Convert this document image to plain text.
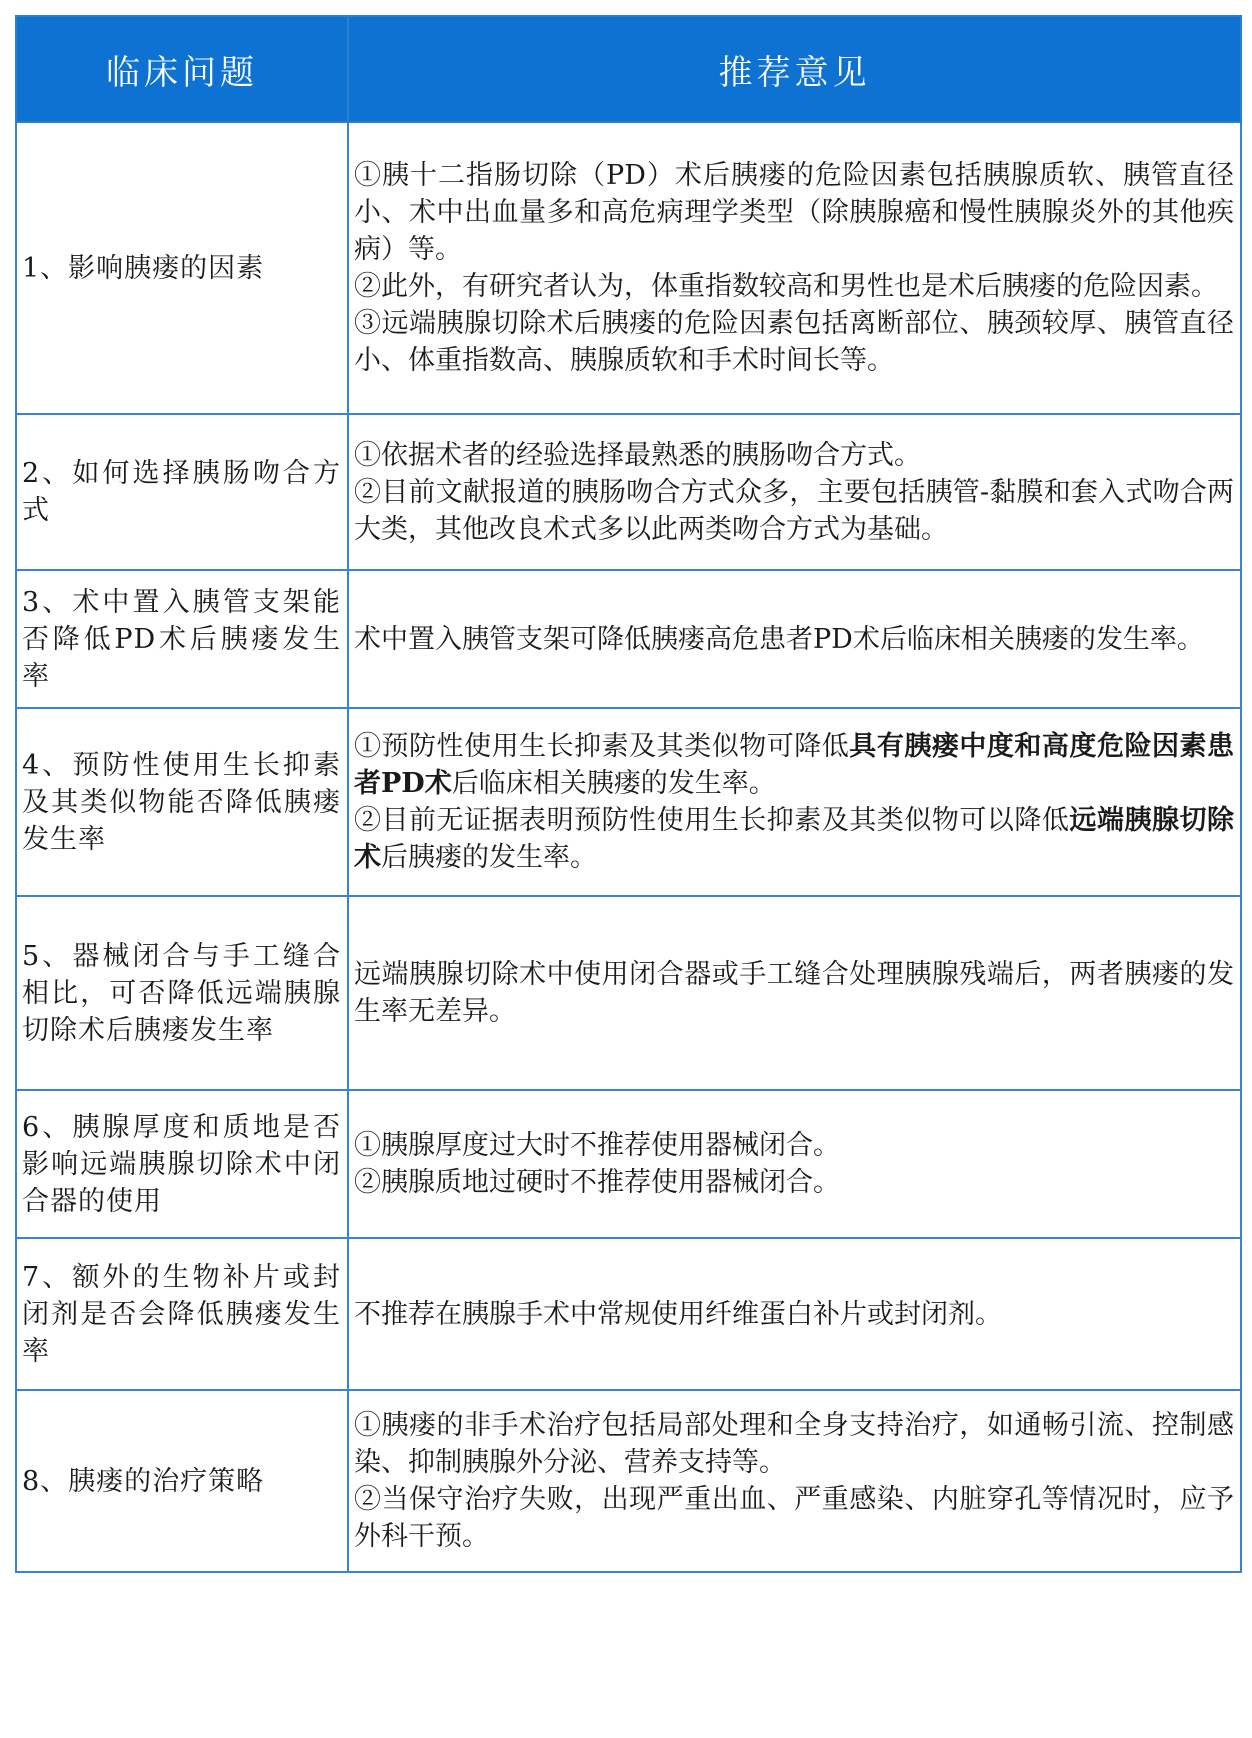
临床问题	推荐意见
1、影响胰瘘的因素	①胰十二指肠切除（PD）术后胰瘘的危险因素包括胰腺质软、胰管直径小、术中出血量多和高危病理学类型（除胰腺癌和慢性胰腺炎外的其他疾病）等。
②此外，有研究者认为，体重指数较高和男性也是术后胰瘘的危险因素。
③远端胰腺切除术后胰瘘的危险因素包括离断部位、胰颈较厚、胰管直径小、体重指数高、胰腺质软和手术时间长等。

2、如何选择胰肠吻合方式	①依据术者的经验选择最熟悉的胰肠吻合方式。
②目前文献报道的胰肠吻合方式众多，主要包括胰管-黏膜和套入式吻合两大类，其他改良术式多以此两类吻合方式为基础。

3、术中置入胰管支架能否降低PD术后胰瘘发生率	术中置入胰管支架可降低胰瘘高危患者PD术后临床相关胰瘘的发生率。

4、预防性使用生长抑素及其类似物能否降低胰瘘发生率	①预防性使用生长抑素及其类似物可降低具有胰瘘中度和高度危险因素患者PD术后临床相关胰瘘的发生率。
②目前无证据表明预防性使用生长抑素及其类似物可以降低远端胰腺切除术后胰瘘的发生率。

5、器械闭合与手工缝合相比，可否降低远端胰腺切除术后胰瘘发生率	远端胰腺切除术中使用闭合器或手工缝合处理胰腺残端后，两者胰瘘的发生率无差异。

6、胰腺厚度和质地是否影响远端胰腺切除术中闭合器的使用	①胰腺厚度过大时不推荐使用器械闭合。
②胰腺质地过硬时不推荐使用器械闭合。

7、额外的生物补片或封闭剂是否会降低胰瘘发生率	不推荐在胰腺手术中常规使用纤维蛋白补片或封闭剂。

8、胰瘘的治疗策略	①胰瘘的非手术治疗包括局部处理和全身支持治疗，如通畅引流、控制感染、抑制胰腺外分泌、营养支持等。
②当保守治疗失败，出现严重出血、严重感染、内脏穿孔等情况时，应予外科干预。
